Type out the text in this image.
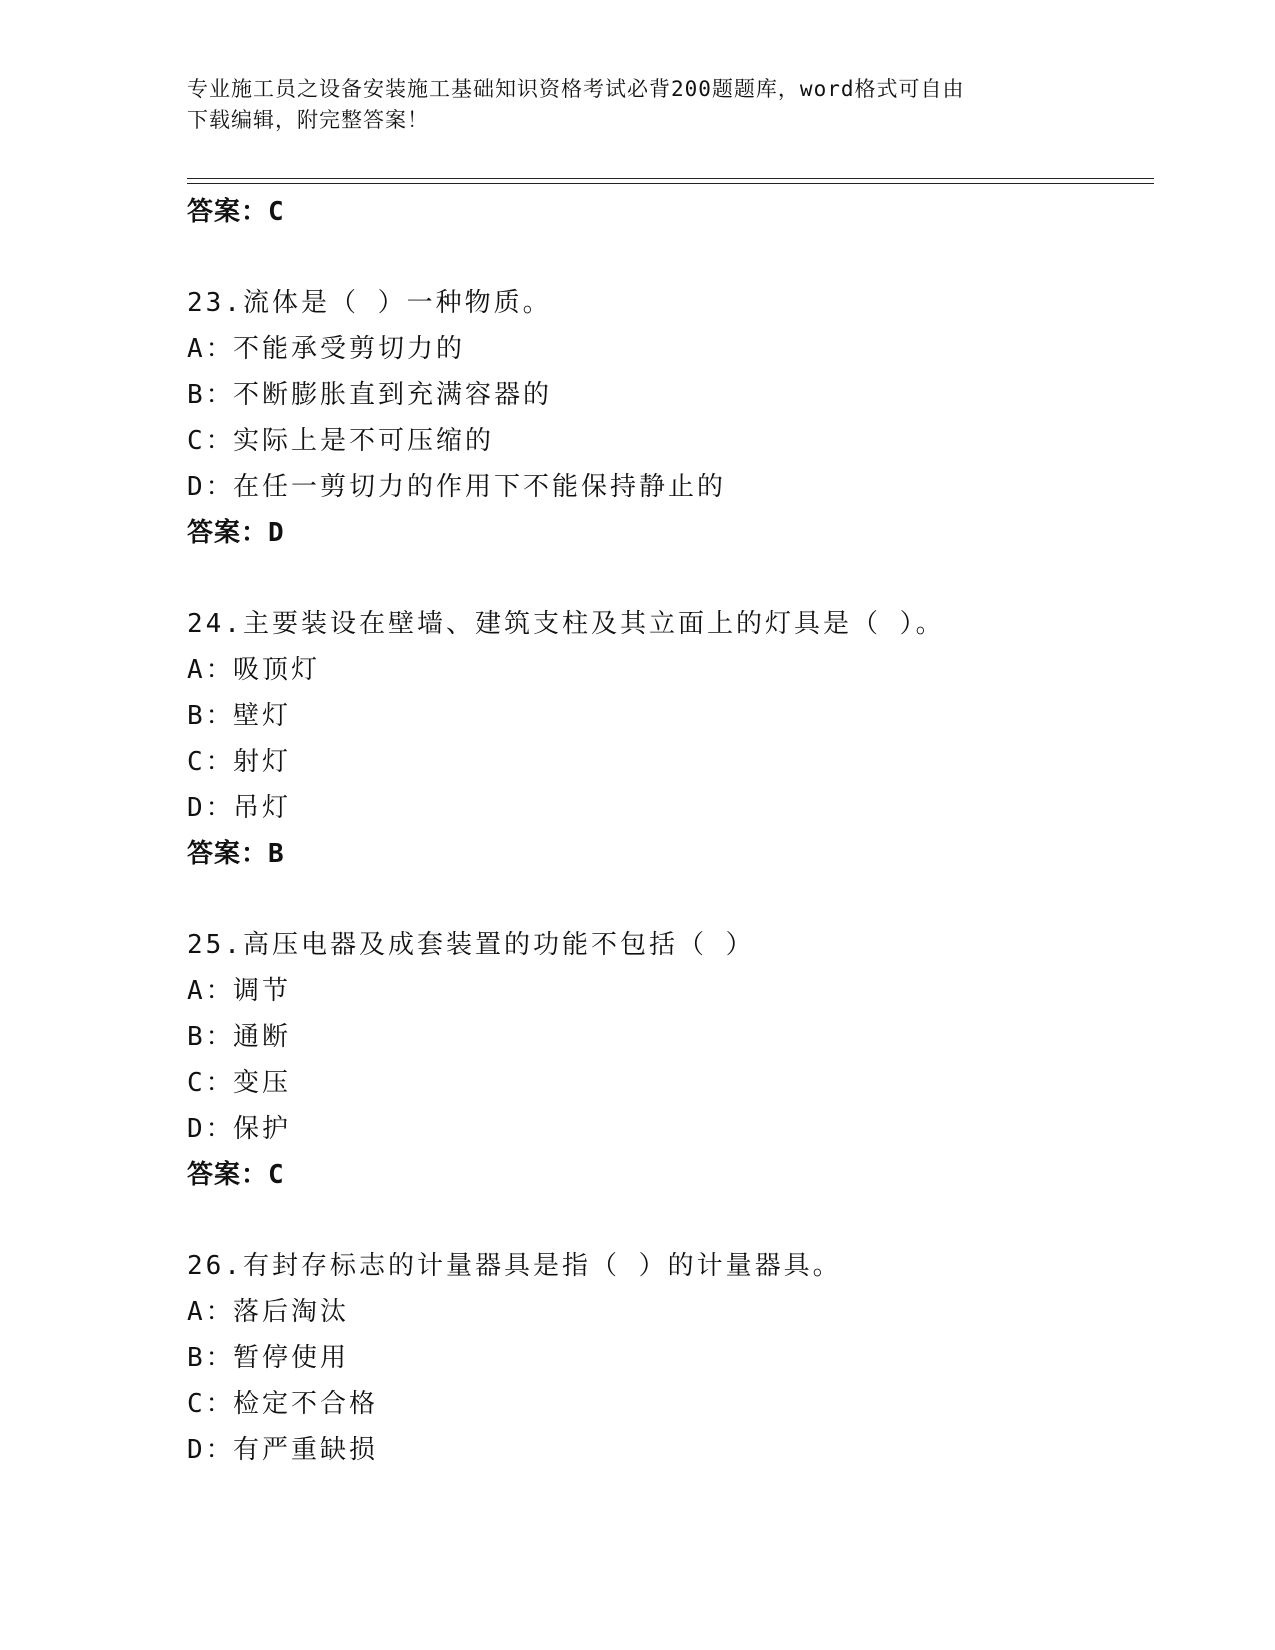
专业施工员之设备安装施工基础知识资格考试必背200题题库，word格式可自由
下载编辑，附完整答案！
答案：C
23.流体是（ ）一种物质。
A：不能承受剪切力的
B：不断膨胀直到充满容器的
C：实际上是不可压缩的
D：在任一剪切力的作用下不能保持静止的
答案：D
24.主要装设在壁墙、建筑支柱及其立面上的灯具是（ ）。
A：吸顶灯
B：壁灯
C：射灯
D：吊灯
答案：B
25.高压电器及成套装置的功能不包括（ ）
A：调节
B：通断
C：变压
D：保护
答案：C
26.有封存标志的计量器具是指（ ）的计量器具。
A：落后淘汰
B：暂停使用
C：检定不合格
D：有严重缺损
